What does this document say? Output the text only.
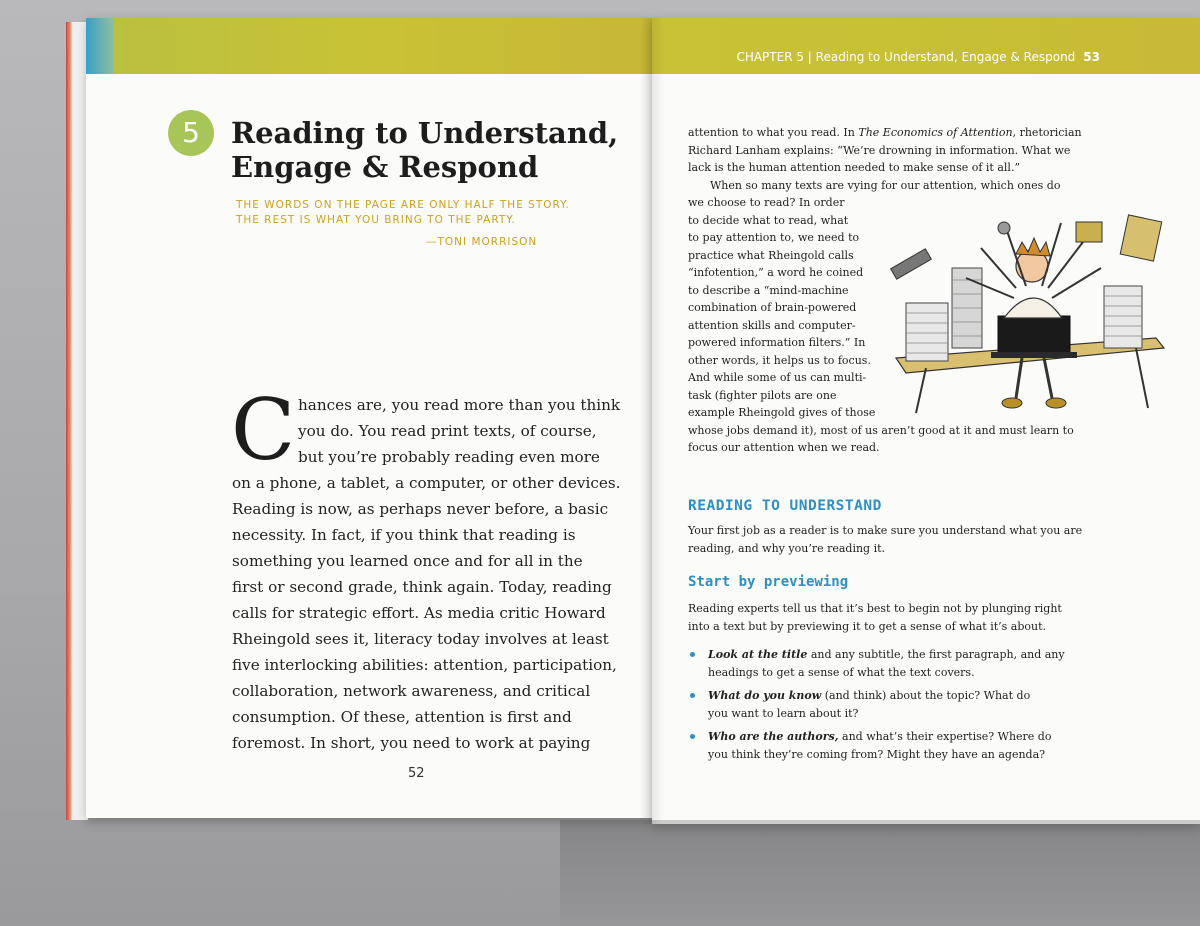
5	Reading to Understand,
Engage & Respond
THE WORDS ON THE PAGE ARE ONLY HALF THE STORY.
THE REST IS WHAT YOU BRING TO THE PARTY.
—TONI MORRISON
C hances are, you read more than you think
you do. You read print texts, of course,
but you’re probably reading even more
on a phone, a tablet, a computer, or other devices.
Reading is now, as perhaps never before, a basic
necessity. In fact, if you think that reading is
something you learned once and for all in the
first or second grade, think again. Today, reading
calls for strategic effort. As media critic Howard
Rheingold sees it, literacy today involves at least
five interlocking abilities: attention, participation,
collaboration, network awareness, and critical
consumption. Of these, attention is first and
foremost. In short, you need to work at paying
52
CHAPTER 5 | Reading to Understand, Engage & Respond 53
attention to what you read. In The Economics of Attention, rhetorician
Richard Lanham explains: “We’re drowning in information. What we
lack is the human attention needed to make sense of it all.”
When so many texts are vying for our attention, which ones do
we choose to read? In order
to decide what to read, what
to pay attention to, we need to
practice what Rheingold calls
“infotention,” a word he coined
to describe a “mind-machine
combination of brain-powered
attention skills and computer-
powered information filters.” In
other words, it helps us to focus.
And while some of us can multi-
task (fighter pilots are one
example Rheingold gives of those
whose jobs demand it), most of us aren’t good at it and must learn to
focus our attention when we read.
READING TO UNDERSTAND
Your first job as a reader is to make sure you understand what you are
reading, and why you’re reading it.
Start by previewing
Reading experts tell us that it’s best to begin not by plunging right
into a text but by previewing it to get a sense of what it’s about.
Look at the title and any subtitle, the first paragraph, and any
headings to get a sense of what the text covers.
What do you know (and think) about the topic? What do
you want to learn about it?
Who are the authors, and what’s their expertise? Where do
you think they’re coming from? Might they have an agenda?
